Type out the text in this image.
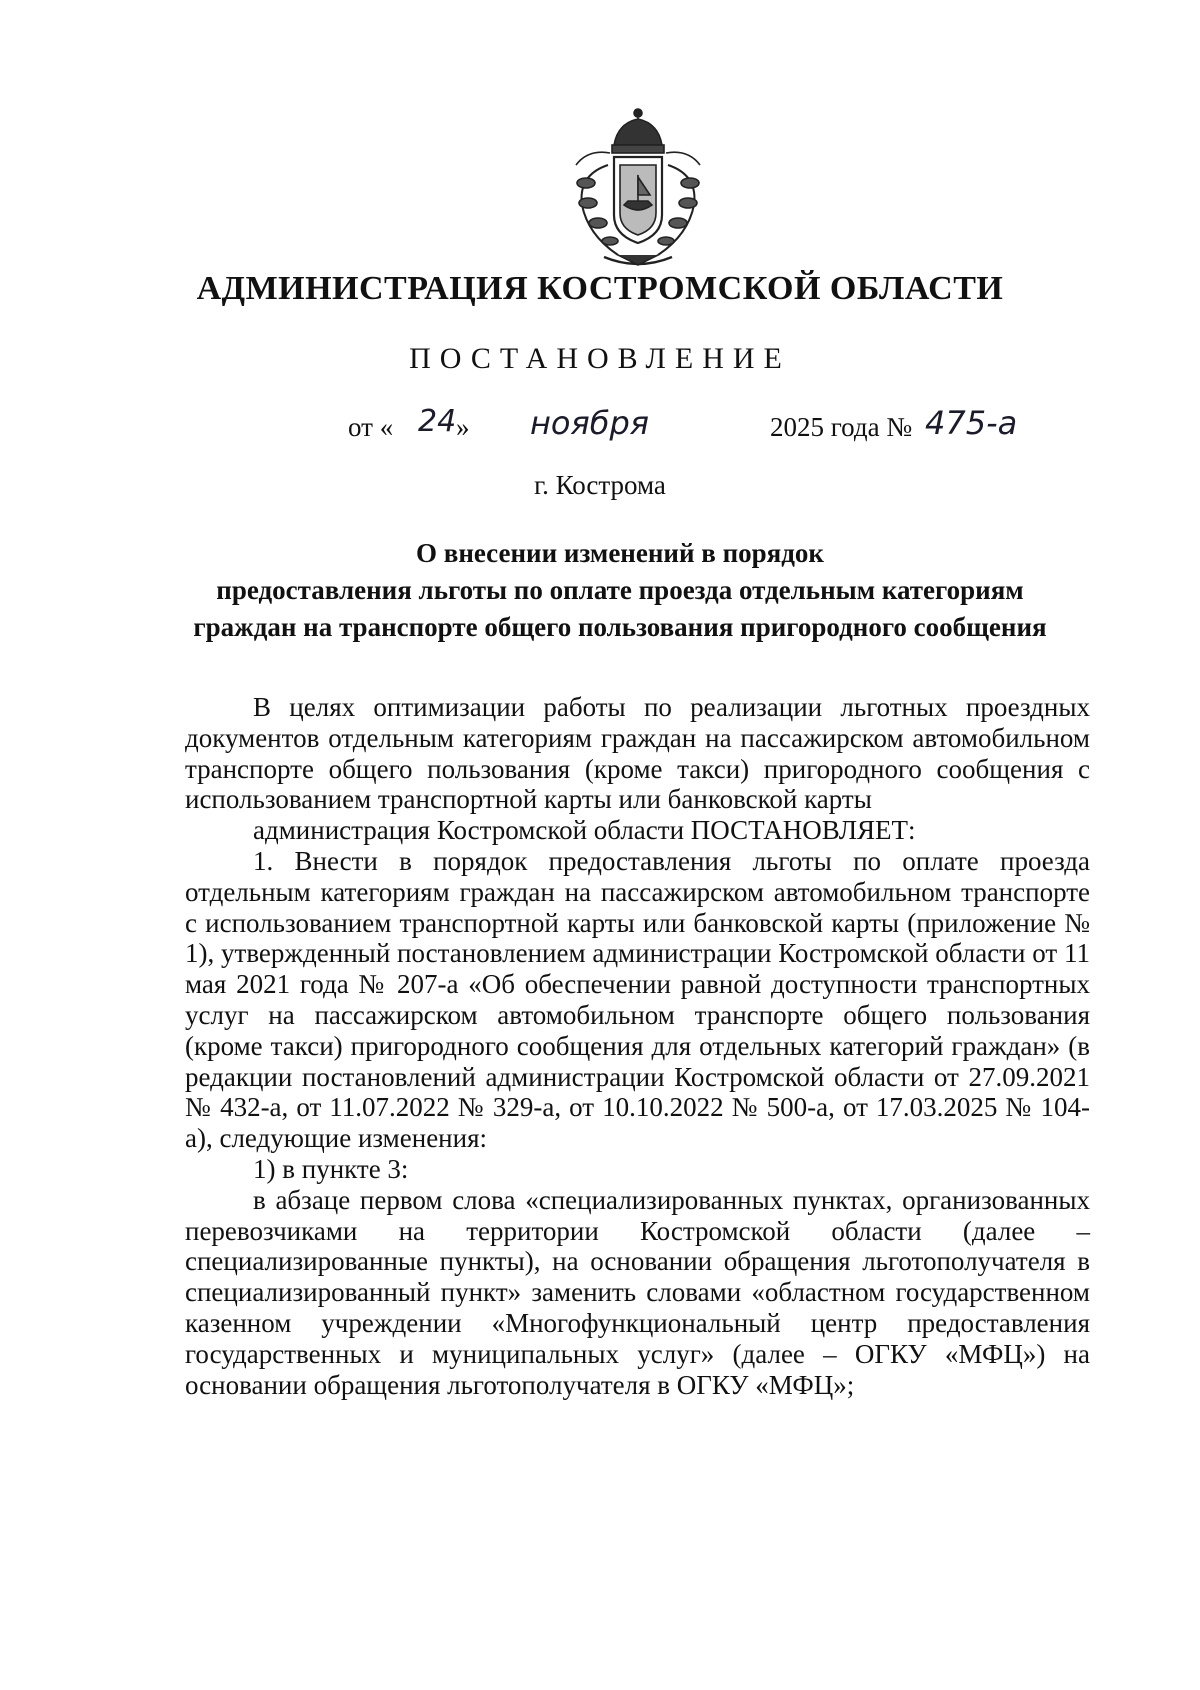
АДМИНИСТРАЦИЯ КОСТРОМСКОЙ ОБЛАСТИ
ПОСТАНОВЛЕНИЕ
от « 24 » ноября	2025 года № 475-а
г. Кострома
О внесении изменений в порядок
предоставления льготы по оплате проезда отдельным категориям
граждан на транспорте общего пользования пригородного сообщения

В целях оптимизации работы по реализации льготных проездных документов отдельным категориям граждан на пассажирском автомобильном транспорте общего пользования (кроме такси) пригородного сообщения с использованием транспортной карты или банковской карты

администрация Костромской области ПОСТАНОВЛЯЕТ:

1. Внести в порядок предоставления льготы по оплате проезда отдельным категориям граждан на пассажирском автомобильном транспорте с использованием транспортной карты или банковской карты (приложение № 1), утвержденный постановлением администрации Костромской области от 11 мая 2021 года № 207-а «Об обеспечении равной доступности транспортных услуг на пассажирском автомобильном транспорте общего пользования (кроме такси) пригородного сообщения для отдельных категорий граждан» (в редакции постановлений администрации Костромской области от 27.09.2021 № 432-а, от 11.07.2022 № 329-а, от 10.10.2022 № 500-а, от 17.03.2025 № 104-а), следующие изменения:

1) в пункте 3:

в абзаце первом слова «специализированных пунктах, организованных перевозчиками на территории Костромской области (далее – специализированные пункты), на основании обращения льготополучателя в специализированный пункт» заменить словами «областном государственном казенном учреждении «Многофункциональный центр предоставления государственных и муниципальных услуг» (далее – ОГКУ «МФЦ») на основании обращения льготополучателя в ОГКУ «МФЦ»;
